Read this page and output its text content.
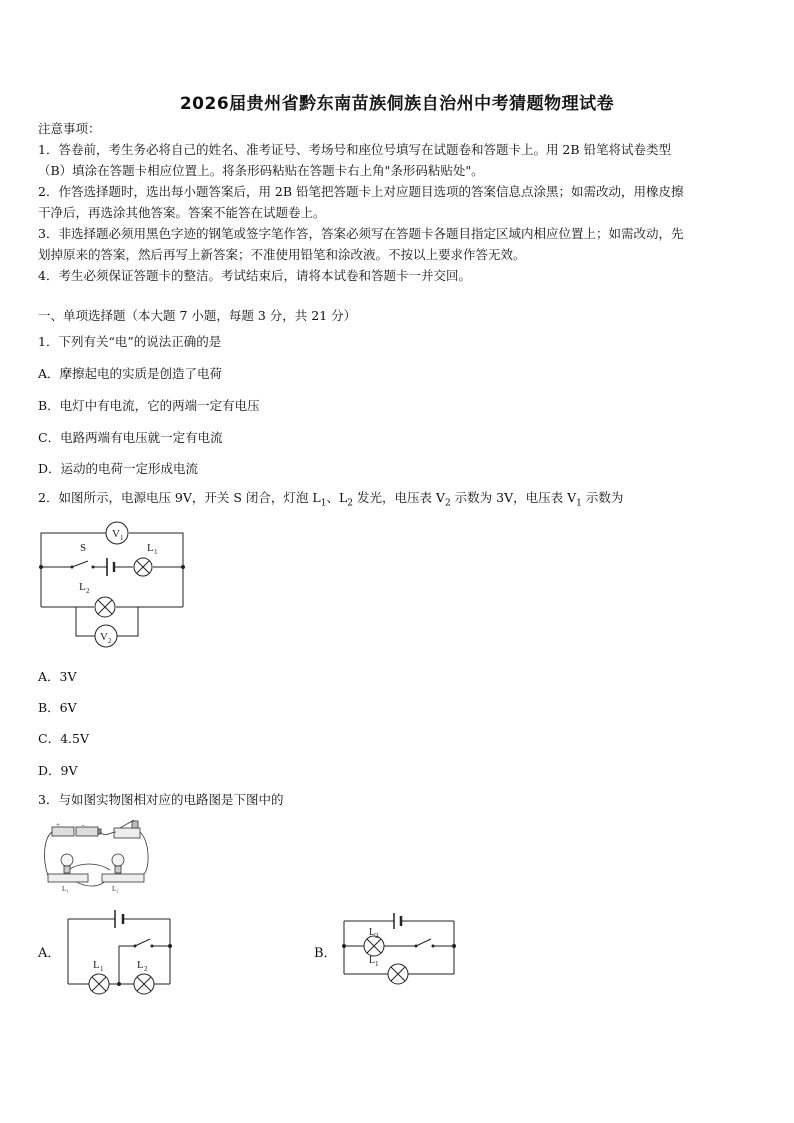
2026届贵州省黔东南苗族侗族自治州中考猜题物理试卷
注意事项：
1．答卷前，考生务必将自己的姓名、准考证号、考场号和座位号填写在试题卷和答题卡上。用 2B 铅笔将试卷类型
（B）填涂在答题卡相应位置上。将条形码粘贴在答题卡右上角"条形码粘贴处"。
2．作答选择题时，选出每小题答案后，用 2B 铅笔把答题卡上对应题目选项的答案信息点涂黑；如需改动，用橡皮擦
干净后，再选涂其他答案。答案不能答在试题卷上。
3．非选择题必须用黑色字迹的钢笔或签字笔作答，答案必须写在答题卡各题目指定区域内相应位置上；如需改动，先
划掉原来的答案，然后再写上新答案；不准使用铅笔和涂改液。不按以上要求作答无效。
4．考生必须保证答题卡的整洁。考试结束后，请将本试卷和答题卡一并交回。
一、单项选择题（本大题 7 小题，每题 3 分，共 21 分）
1．下列有关“电”的说法正确的是
A．摩擦起电的实质是创造了电荷
B．电灯中有电流，它的两端一定有电压
C．电路两端有电压就一定有电流
D．运动的电荷一定形成电流
2．如图所示，电源电压 9V，开关 S 闭合，灯泡 $L_1$、$L_2$ 发光，电压表 $V_2$ 示数为 3V，电压表 $V_1$ 示数为
V 1
V 2
S	L 1
L 2
A．3V
B．6V
C．4.5V
D．9V
3．与如图实物图相对应的电路图是下图中的
+	-
L₁	L₂
A．
L 1	L 2
B．
L 2
L 1
